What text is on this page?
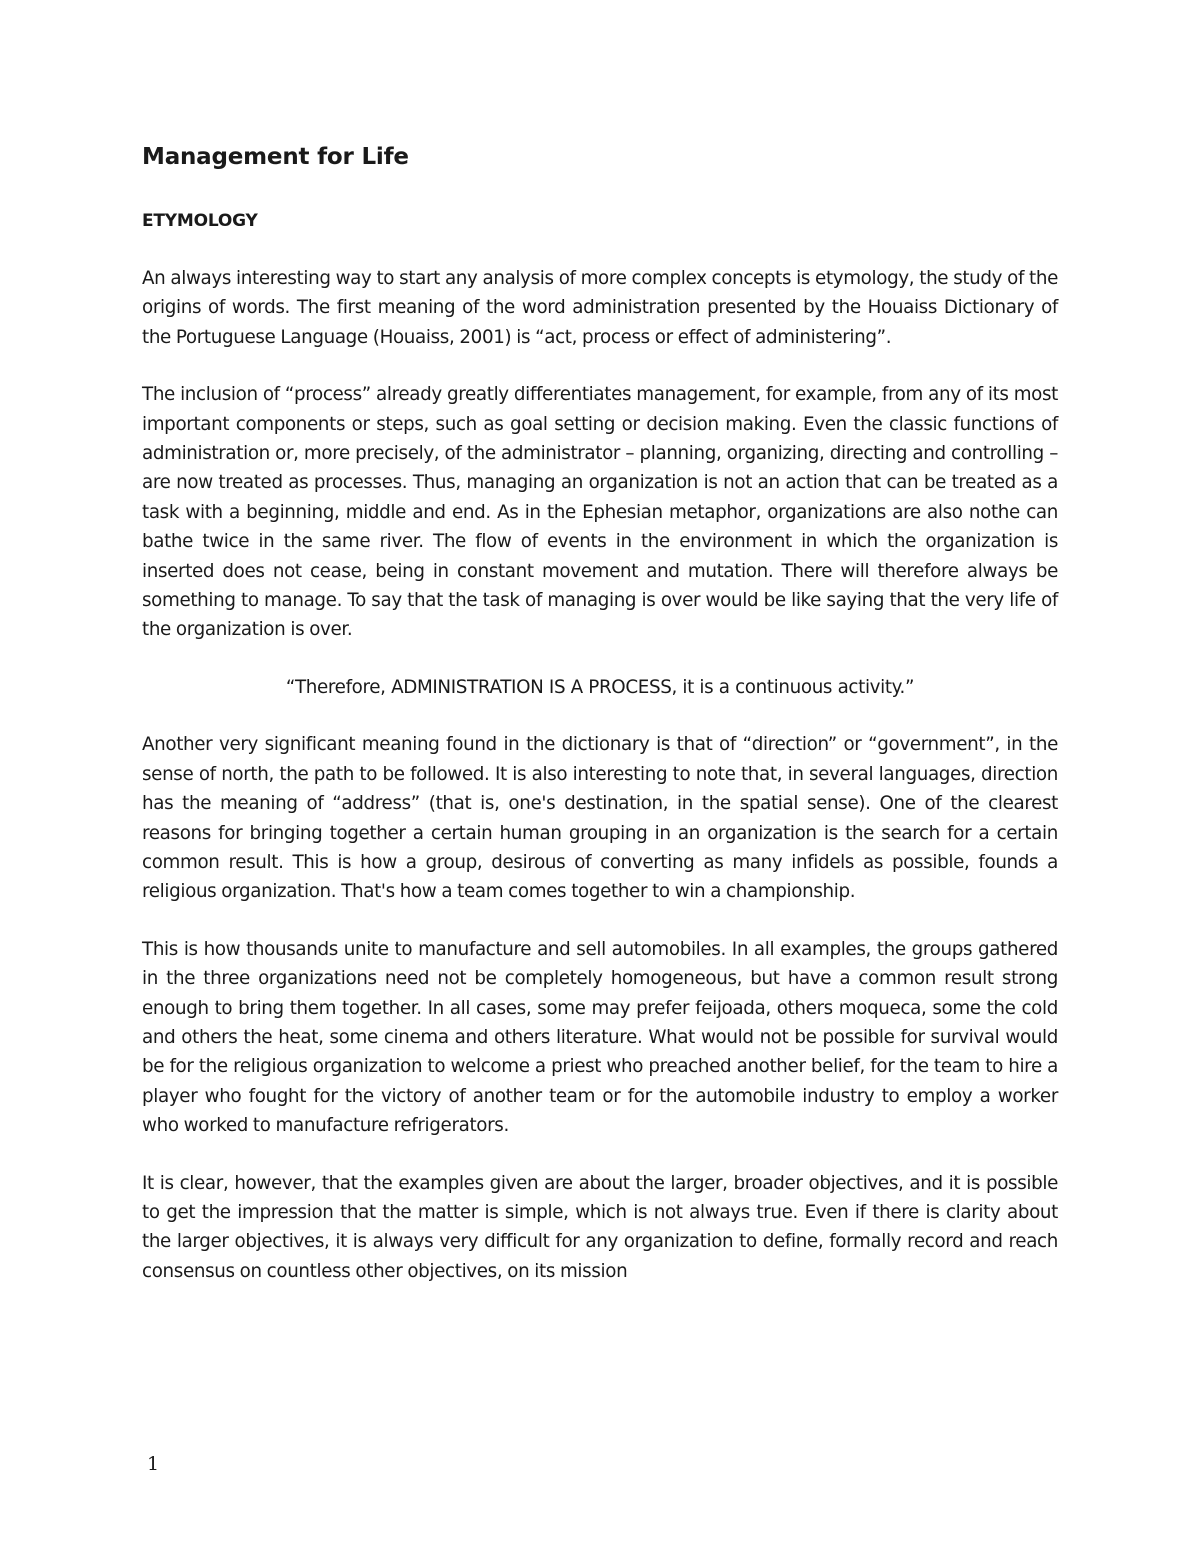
Management for Life
ETYMOLOGY

An always interesting way to start any analysis of more complex concepts is etymology, the study of the origins of words. The first meaning of the word administration presented by the Houaiss Dictionary of the Portuguese Language (Houaiss, 2001) is “act, process or effect of administering”.

The inclusion of “process” already greatly differentiates management, for example, from any of its most important components or steps, such as goal setting or decision making. Even the classic functions of administration or, more precisely, of the administrator – planning, organizing, directing and controlling – are now treated as processes. Thus, managing an organization is not an action that can be treated as a task with a beginning, middle and end. As in the Ephesian metaphor, organizations are also nothe can bathe twice in the same river. The flow of events in the environment in which the organization is inserted does not cease, being in constant movement and mutation. There will therefore always be something to manage. To say that the task of managing is over would be like saying that the very life of the organization is over.

“Therefore, ADMINISTRATION IS A PROCESS, it is a continuous activity.”

Another very significant meaning found in the dictionary is that of “direction” or “government”, in the sense of north, the path to be followed. It is also interesting to note that, in several languages, direction has the meaning of “address” (that is, one's destination, in the spatial sense). One of the clearest reasons for bringing together a certain human grouping in an organization is the search for a certain common result. This is how a group, desirous of converting as many infidels as possible, founds a religious organization. That's how a team comes together to win a championship.

This is how thousands unite to manufacture and sell automobiles. In all examples, the groups gathered in the three organizations need not be completely homogeneous, but have a common result strong enough to bring them together. In all cases, some may prefer feijoada, others moqueca, some the cold and others the heat, some cinema and others literature. What would not be possible for survival would be for the religious organization to welcome a priest who preached another belief, for the team to hire a player who fought for the victory of another team or for the automobile industry to employ a worker who worked to manufacture refrigerators.

It is clear, however, that the examples given are about the larger, broader objectives, and it is possible to get the impression that the matter is simple, which is not always true. Even if there is clarity about the larger objectives, it is always very difficult for any organization to define, formally record and reach consensus on countless other objectives, on its mission

1
